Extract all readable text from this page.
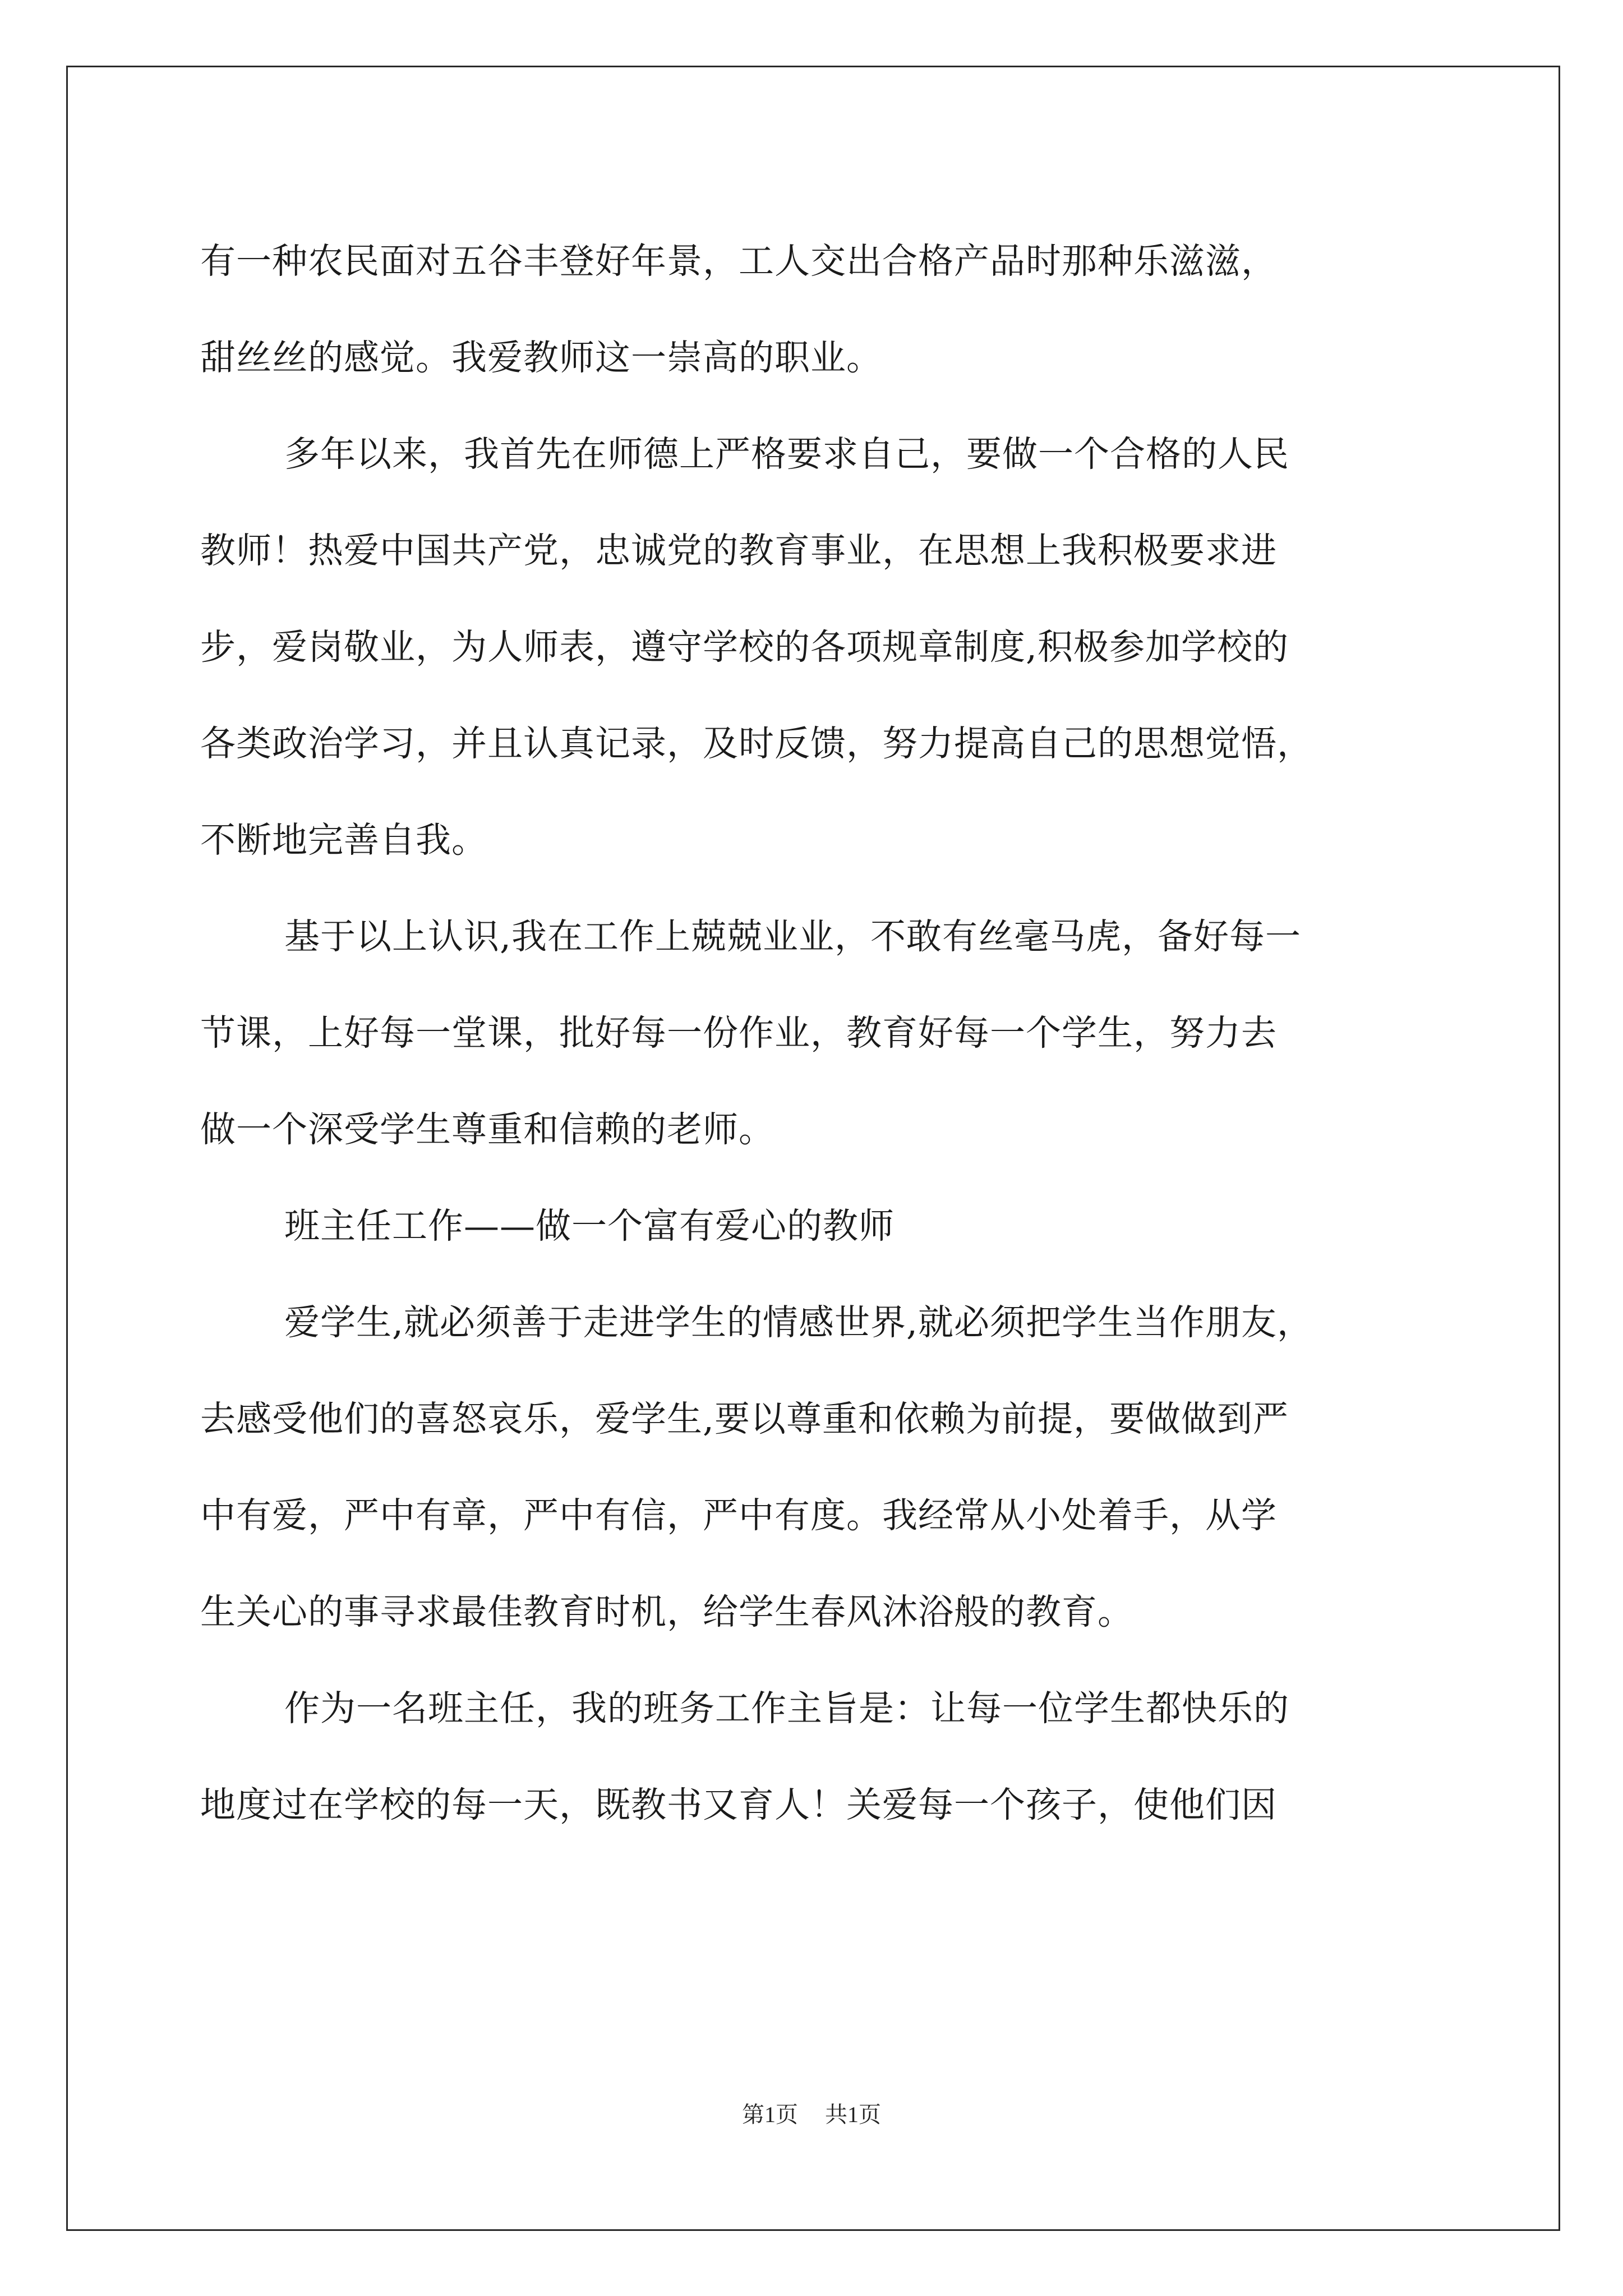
有一种农民面对五谷丰登好年景，工人交出合格产品时那种乐滋滋，
甜丝丝的感觉。我爱教师这一崇高的职业。
多年以来，我首先在师德上严格要求自己，要做一个合格的人民
教师！热爱中国共产党，忠诚党的教育事业，在思想上我积极要求进
步，爱岗敬业，为人师表，遵守学校的各项规章制度,积极参加学校的
各类政治学习，并且认真记录，及时反馈，努力提高自己的思想觉悟，
不断地完善自我。
基于以上认识,我在工作上兢兢业业，不敢有丝毫马虎，备好每一
节课，上好每一堂课，批好每一份作业，教育好每一个学生，努力去
做一个深受学生尊重和信赖的老师。
班主任工作——做一个富有爱心的教师
爱学生,就必须善于走进学生的情感世界,就必须把学生当作朋友，
去感受他们的喜怒哀乐，爱学生,要以尊重和依赖为前提，要做做到严
中有爱，严中有章，严中有信，严中有度。我经常从小处着手，从学
生关心的事寻求最佳教育时机，给学生春风沐浴般的教育。
作为一名班主任，我的班务工作主旨是：让每一位学生都快乐的
地度过在学校的每一天，既教书又育人！关爱每一个孩子，使他们因
第1页 共1页
